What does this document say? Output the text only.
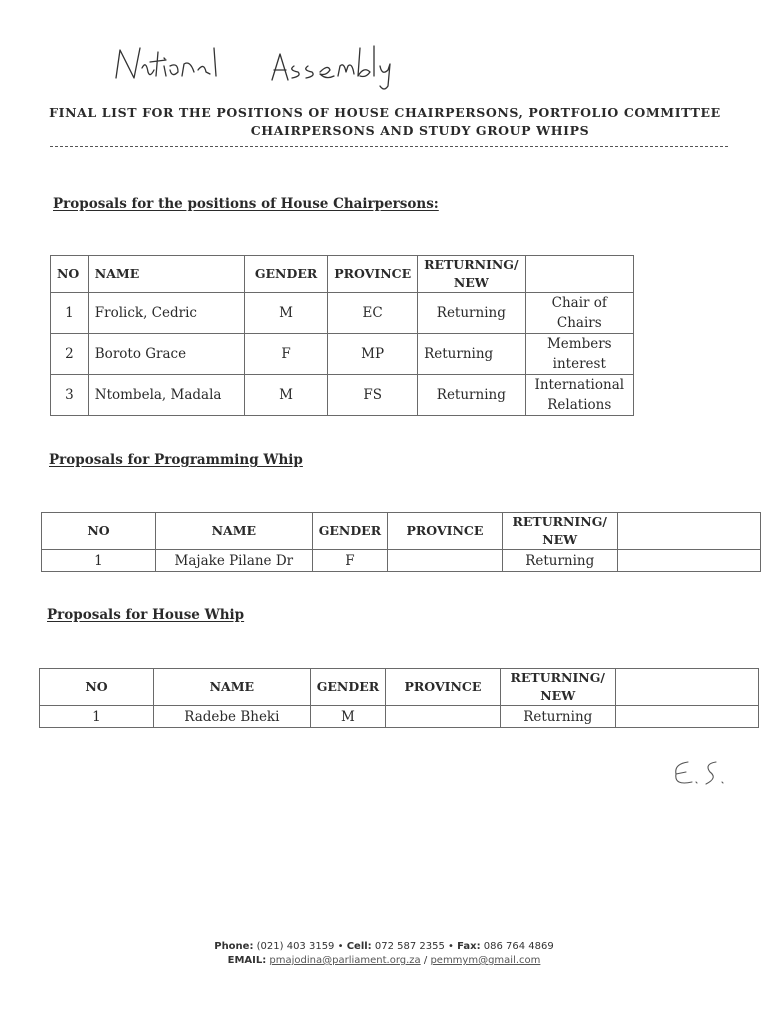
FINAL LIST FOR THE POSITIONS OF HOUSE CHAIRPERSONS, PORTFOLIO COMMITTEE
CHAIRPERSONS AND STUDY GROUP WHIPS
Proposals for the positions of House Chairpersons:
NO	NAME	GENDER	PROVINCE	RETURNING/
NEW	
1	Frolick, Cedric	M	EC	Returning	Chair of
Chairs
2	Boroto Grace	F	MP	Returning	Members
interest
3	Ntombela, Madala	M	FS	Returning	International
Relations
Proposals for Programming Whip
NO	NAME	GENDER	PROVINCE	RETURNING/
NEW	
1	Majake Pilane Dr	F		Returning	
Proposals for House Whip
NO	NAME	GENDER	PROVINCE	RETURNING/
NEW	
1	Radebe Bheki	M		Returning	
Phone: (021) 403 3159 • Cell: 072 587 2355 • Fax: 086 764 4869
EMAIL: pmajodina@parliament.org.za / pemmym@gmail.com
